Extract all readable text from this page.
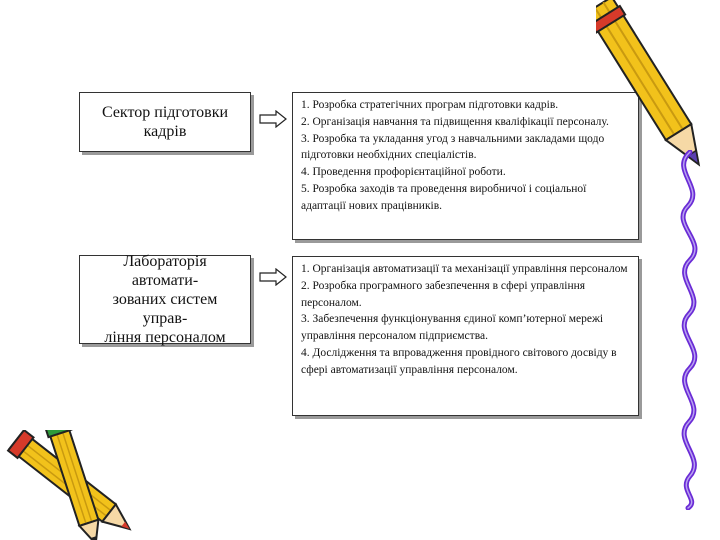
Сектор підготовки кадрів
1. Розробка стратегічних програм підготовки кадрів.
2. Організація навчання та підвищення кваліфікації персоналу.
3. Розробка та укладання угод з навчальними закладами щодо підготовки необхідних спеціалістів.
4. Проведення профорієнтаційної роботи.
5. Розробка заходів та проведення виробничої і соціальної адаптації нових працівників.
Лабораторія автомати-
зованих систем управ-
ління персоналом
1. Організація автоматизації та механізації управління персоналом
2. Розробка програмного забезпечення в сфері управління персоналом.
3. Забезпечення функціонування єдиної комп’ютерної мережі управління персоналом підприємства.
4. Дослідження та впровадження провідного світового досвіду в сфері автоматизації управління персоналом.
